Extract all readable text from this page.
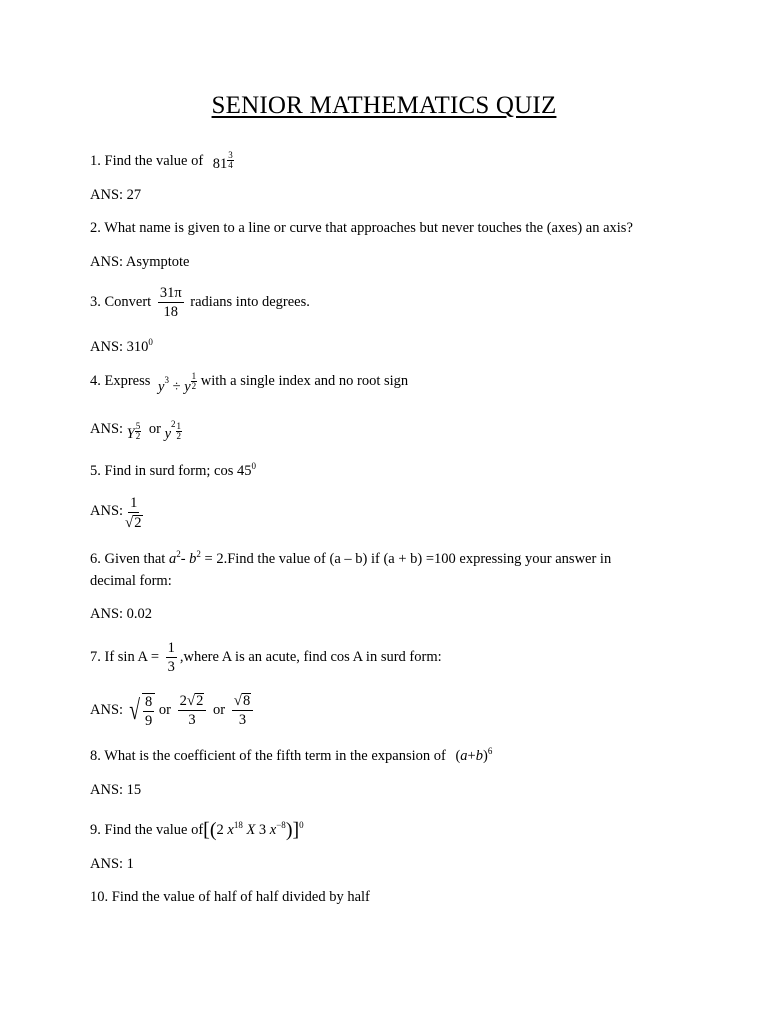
SENIOR MATHEMATICS QUIZ
1. Find the value of $81 \frac{3}{4}$
ANS: 27
2. What name is given to a line or curve that approaches but never touches the (axes) an axis?
ANS: Asymptote
3. Convert $\frac{31\pi}{18}$ radians into degrees.
ANS: $310^0$
4. Express $y^3 \div y \frac{1}{2}$ with a single index and no root sign
ANS: Y $\frac{5}{2}$ or $y^2 \frac{1}{2}$
5. Find in surd form; $\cos 45^0$
ANS: $\frac{1}{√2}$
6. Given that $a^2-$ $b^2$ = 2.Find the value of (a – b) if (a + b) =100 expressing your answer in
decimal form:
ANS: 0.02
7. If $\sin A = \frac{1}{3}$ ,where A is an acute, find cos A in surd form:
ANS: √ $\frac{8}{9}$ or $\frac{2√2}{3}$ or $\frac{√8}{3}$
8. What is the coefficient of the fifth term in the expansion of $(a+b)^6$
ANS: 15
9. Find the value of[(2 $x^{18}$ X 3 $x^{-8})]^0$
ANS: 1
10. Find the value of half of half divided by half
